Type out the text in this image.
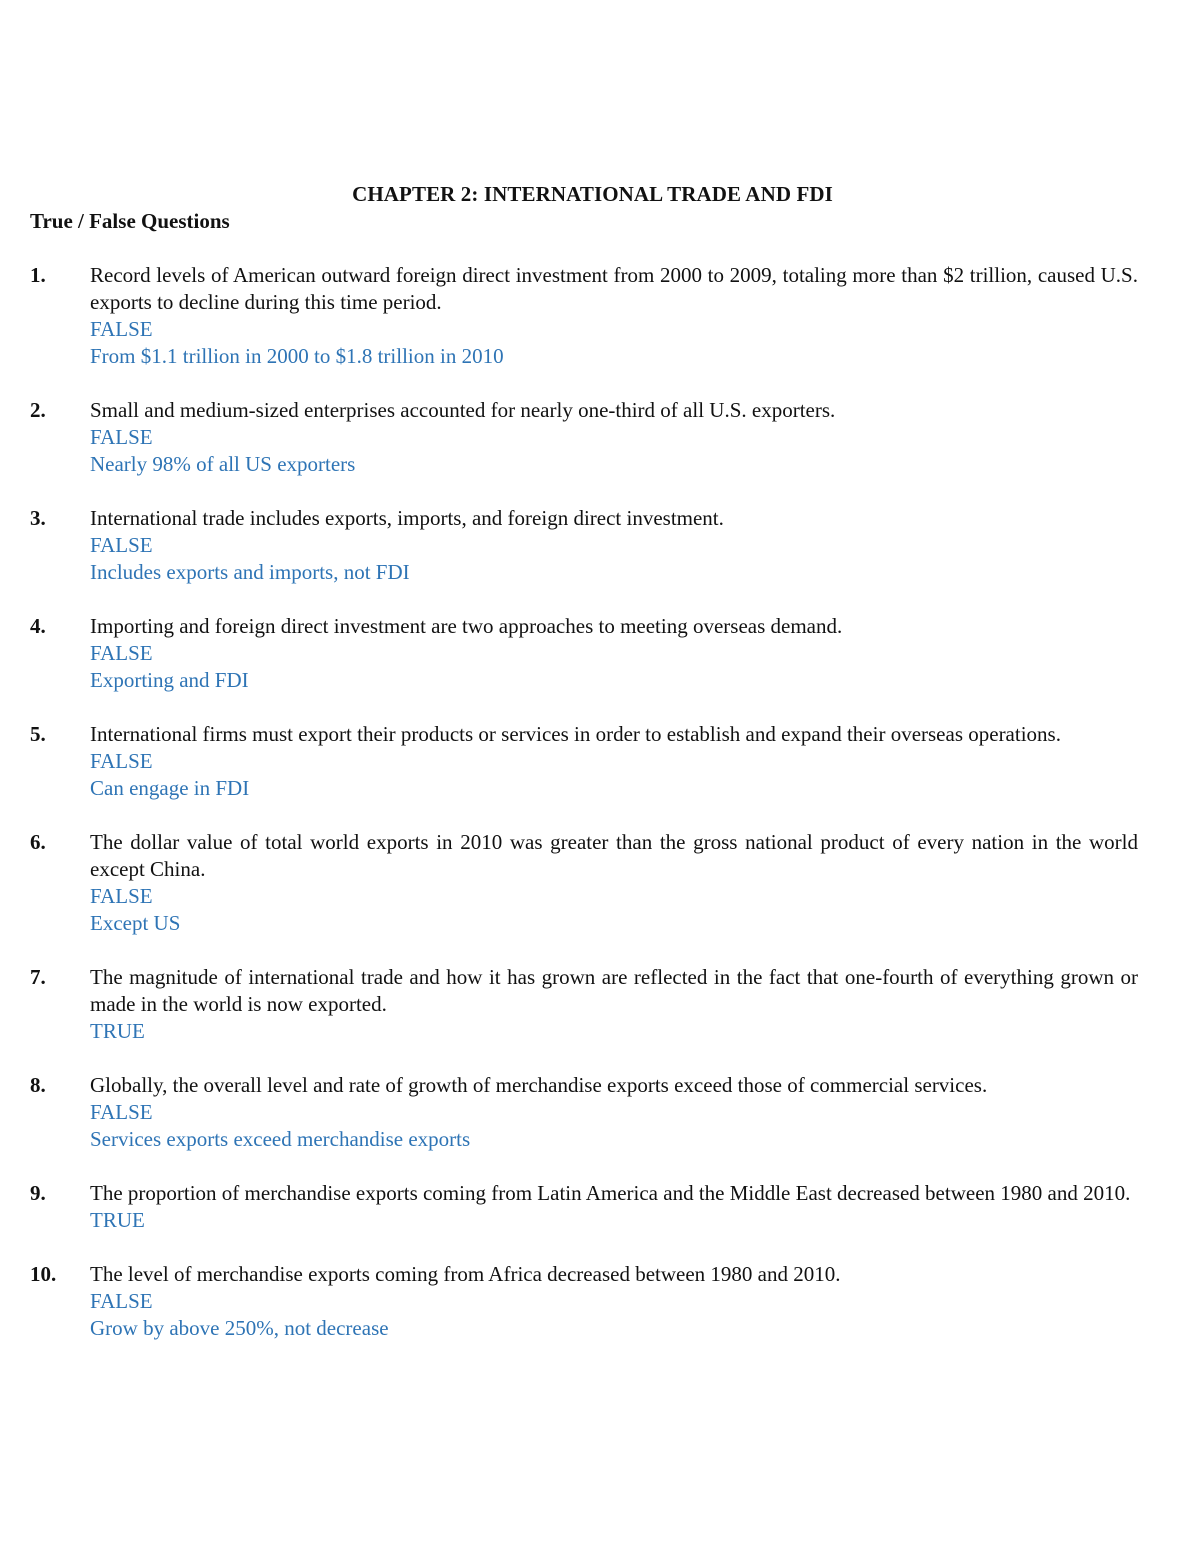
CHAPTER 2: INTERNATIONAL TRADE AND FDI
True / False Questions
1.	Record levels of American outward foreign direct investment from 2000 to 2009, totaling more than $2 trillion, caused U.S. exports to decline during this time period.
FALSE
From $1.1 trillion in 2000 to $1.8 trillion in 2010
2.	Small and medium-sized enterprises accounted for nearly one-third of all U.S. exporters.
FALSE
Nearly 98% of all US exporters
3.	International trade includes exports, imports, and foreign direct investment.
FALSE
Includes exports and imports, not FDI
4.	Importing and foreign direct investment are two approaches to meeting overseas demand.
FALSE
Exporting and FDI
5.	International firms must export their products or services in order to establish and expand their overseas operations.
FALSE
Can engage in FDI
6.	The dollar value of total world exports in 2010 was greater than the gross national product of every nation in the world except China.
FALSE
Except US
7.	The magnitude of international trade and how it has grown are reflected in the fact that one-fourth of everything grown or made in the world is now exported.
TRUE
8.	Globally, the overall level and rate of growth of merchandise exports exceed those of commercial services.
FALSE
Services exports exceed merchandise exports
9.	The proportion of merchandise exports coming from Latin America and the Middle East decreased between 1980 and 2010.
TRUE
10.	The level of merchandise exports coming from Africa decreased between 1980 and 2010.
FALSE
Grow by above 250%, not decrease
